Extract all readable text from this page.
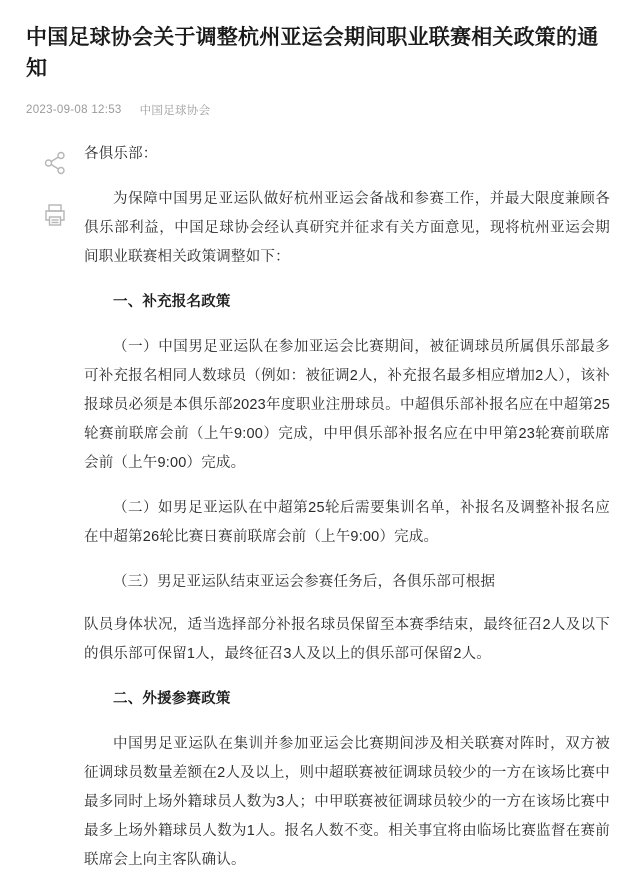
中国足球协会关于调整杭州亚运会期间职业联赛相关政策的通知
2023-09-08 12:53 中国足球协会

各俱乐部：

为保障中国男足亚运队做好杭州亚运会备战和参赛工作，并最大限度兼顾各俱乐部利益，中国足球协会经认真研究并征求有关方面意见，现将杭州亚运会期间职业联赛相关政策调整如下：

一、补充报名政策

（一）中国男足亚运队在参加亚运会比赛期间，被征调球员所属俱乐部最多可补充报名相同人数球员（例如：被征调2人，补充报名最多相应增加2人），该补报球员必须是本俱乐部2023年度职业注册球员。中超俱乐部补报名应在中超第25轮赛前联席会前（上午9:00）完成，中甲俱乐部补报名应在中甲第23轮赛前联席会前（上午9:00）完成。

（二）如男足亚运队在中超第25轮后需要集训名单，补报名及调整补报名应在中超第26轮比赛日赛前联席会前（上午9:00）完成。

（三）男足亚运队结束亚运会参赛任务后，各俱乐部可根据

队员身体状况，适当选择部分补报名球员保留至本赛季结束，最终征召2人及以下的俱乐部可保留1人，最终征召3人及以上的俱乐部可保留2人。

二、外援参赛政策

中国男足亚运队在集训并参加亚运会比赛期间涉及相关联赛对阵时，双方被征调球员数量差额在2人及以上，则中超联赛被征调球员较少的一方在该场比赛中最多同时上场外籍球员人数为3人；中甲联赛被征调球员较少的一方在该场比赛中最多上场外籍球员人数为1人。报名人数不变。相关事宜将由临场比赛监督在赛前联席会上向主客队确认。
